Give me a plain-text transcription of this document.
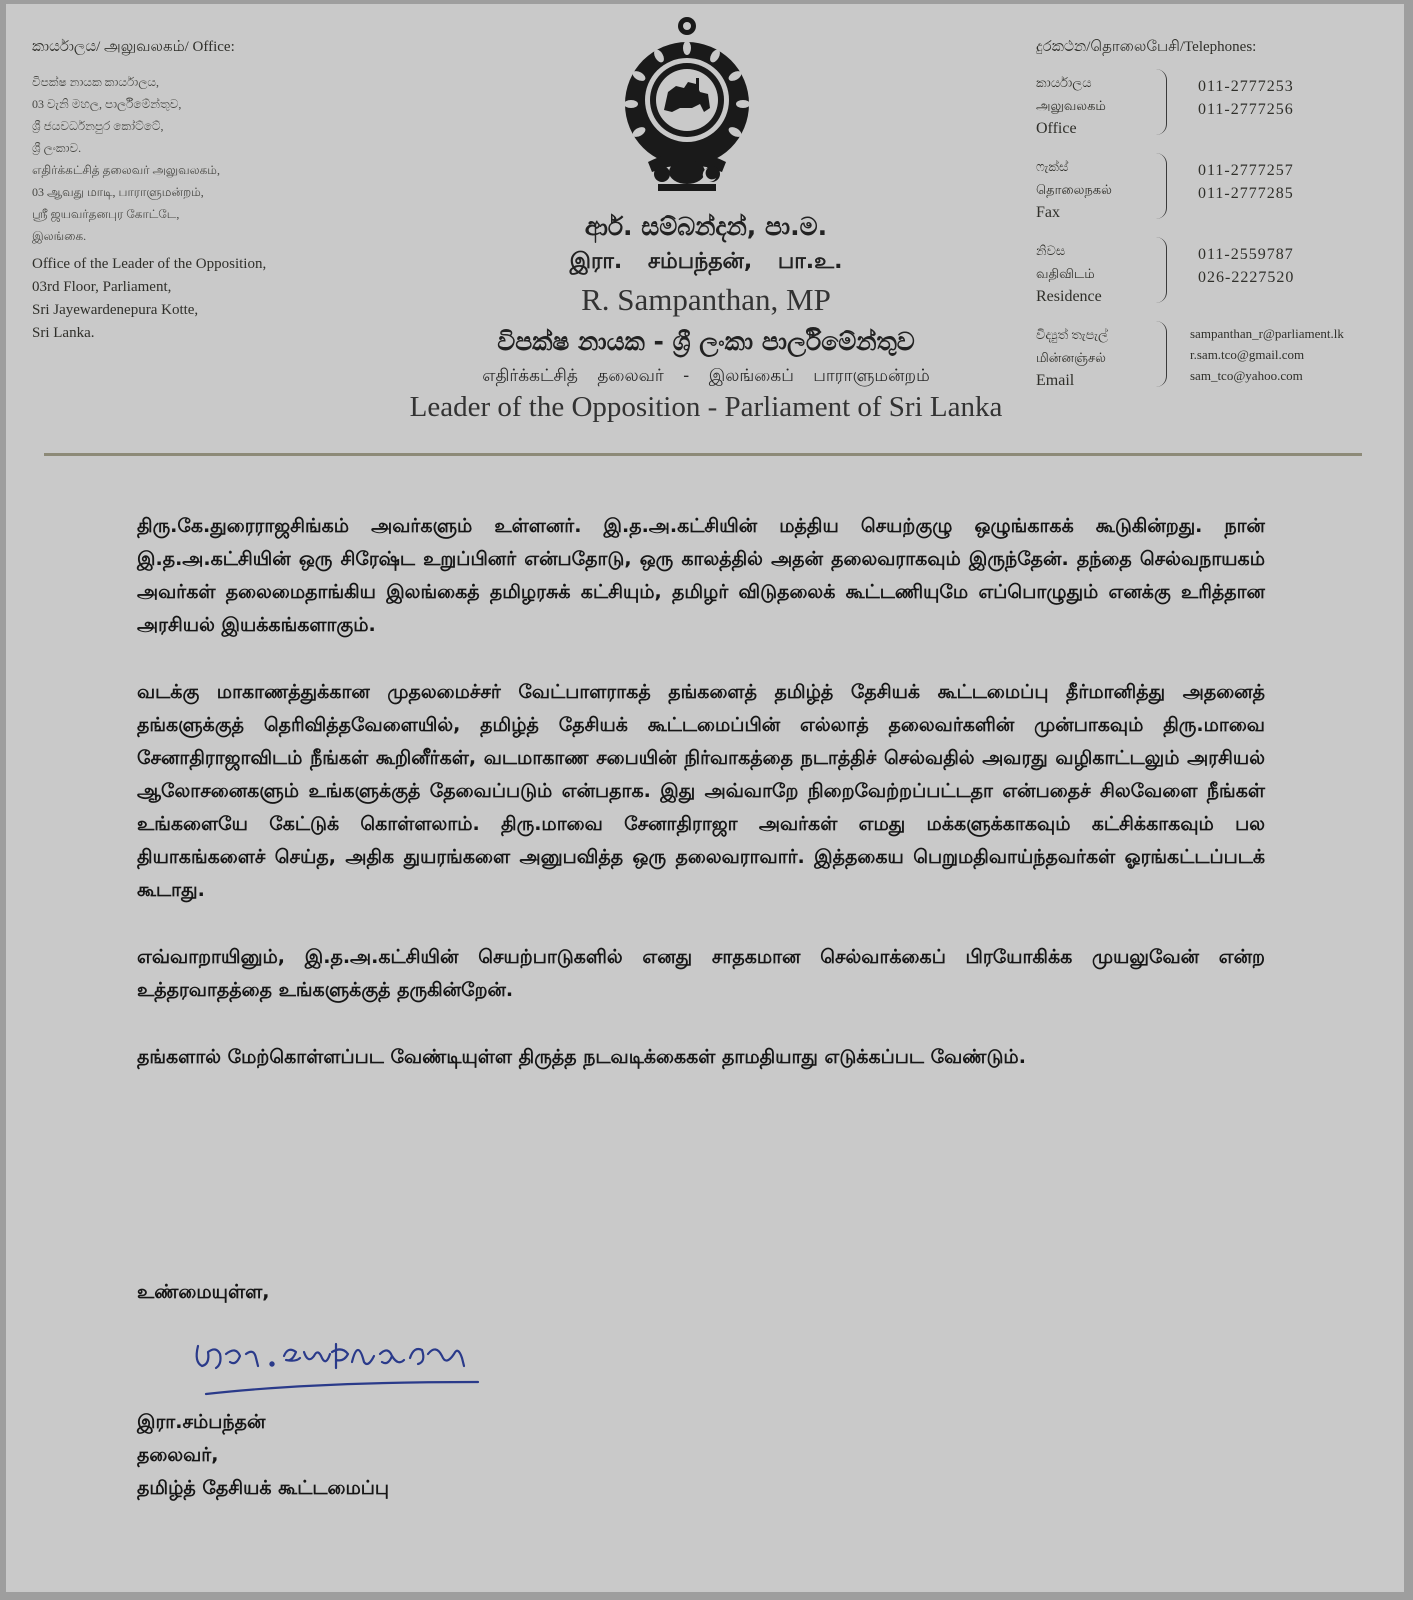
කාර්යාලය/ அலுவலகம்/ Office:
විපක්ෂ නායක කාර්යාලය,
03 වැනි මහල, පාර්ලිමේන්තුව,
ශ්‍රී ජයවර්ධනපුර කෝට්ටේ,
ශ්‍රී ලංකාව.
எதிர்க்கட்சித் தலைவர் அலுவலகம்,
03 ஆவது மாடி, பாராளுமன்றம்,
ஸ்ரீ ஜயவர்தனபுர கோட்டே,
இலங்கை.
Office of the Leader of the Opposition,
03rd Floor, Parliament,
Sri Jayewardenepura Kotte,
Sri Lanka.
ආර්. සම්බන්දන්, පා.ම.
இரா. சம்பந்தன், பா.உ.
R. Sampanthan, MP
විපක්ෂ නායක - ශ්‍රී ලංකා පාර්ලිමේන්තුව
எதிர்க்கட்சித் தலைவர் - இலங்கைப் பாராளுமன்றம்
Leader of the Opposition - Parliament of Sri Lanka
දුරකථන/தொலைபேசி/Telephones:
කාර්යාලය
அலுவலகம்
Office
011-2777253
011-2777256
ෆැක්ස්
தொலைநகல்
Fax
011-2777257
011-2777285
නිවස
வதிவிடம்
Residence
011-2559787
026-2227520
විද්‍යුත් තැපැල්
மின்னஞ்சல்
Email
sampanthan_r@parliament.lk
r.sam.tco@gmail.com
sam_tco@yahoo.com

திரு.கே.துரைராஜசிங்கம் அவர்களும் உள்ளனர். இ.த.அ.கட்சியின் மத்திய செயற்குழு ஒழுங்காகக் கூடுகின்றது. நான் இ.த.அ.கட்சியின் ஒரு சிரேஷ்ட உறுப்பினர் என்பதோடு, ஒரு காலத்தில் அதன் தலைவராகவும் இருந்தேன். தந்தை செல்வநாயகம் அவர்கள் தலைமைதாங்கிய இலங்கைத் தமிழரசுக் கட்சியும், தமிழர் விடுதலைக் கூட்டணியுமே எப்பொழுதும் எனக்கு உரித்தான அரசியல் இயக்கங்களாகும்.

வடக்கு மாகாணத்துக்கான முதலமைச்சர் வேட்பாளராகத் தங்களைத் தமிழ்த் தேசியக் கூட்டமைப்பு தீர்மானித்து அதனைத் தங்களுக்குத் தெரிவித்தவேளையில், தமிழ்த் தேசியக் கூட்டமைப்பின் எல்லாத் தலைவர்களின் முன்பாகவும் திரு.மாவை சேனாதிராஜாவிடம் நீங்கள் கூறினீர்கள், வடமாகாண சபையின் நிர்வாகத்தை நடாத்திச் செல்வதில் அவரது வழிகாட்டலும் அரசியல் ஆலோசனைகளும் உங்களுக்குத் தேவைப்படும் என்பதாக. இது அவ்வாறே நிறைவேற்றப்பட்டதா என்பதைச் சிலவேளை நீங்கள் உங்களையே கேட்டுக் கொள்ளலாம். திரு.மாவை சேனாதிராஜா அவர்கள் எமது மக்களுக்காகவும் கட்சிக்காகவும் பல தியாகங்களைச் செய்த, அதிக துயரங்களை அனுபவித்த ஒரு தலைவராவார். இத்தகைய பெறுமதிவாய்ந்தவர்கள் ஓரங்கட்டப்படக் கூடாது.

எவ்வாறாயினும், இ.த.அ.கட்சியின் செயற்பாடுகளில் எனது சாதகமான செல்வாக்கைப் பிரயோகிக்க முயலுவேன் என்ற உத்தரவாதத்தை உங்களுக்குத் தருகின்றேன்.

தங்களால் மேற்கொள்ளப்பட வேண்டியுள்ள திருத்த நடவடிக்கைகள் தாமதியாது எடுக்கப்பட வேண்டும்.

உண்மையுள்ள,
இரா.சம்பந்தன்
தலைவர்,
தமிழ்த் தேசியக் கூட்டமைப்பு
